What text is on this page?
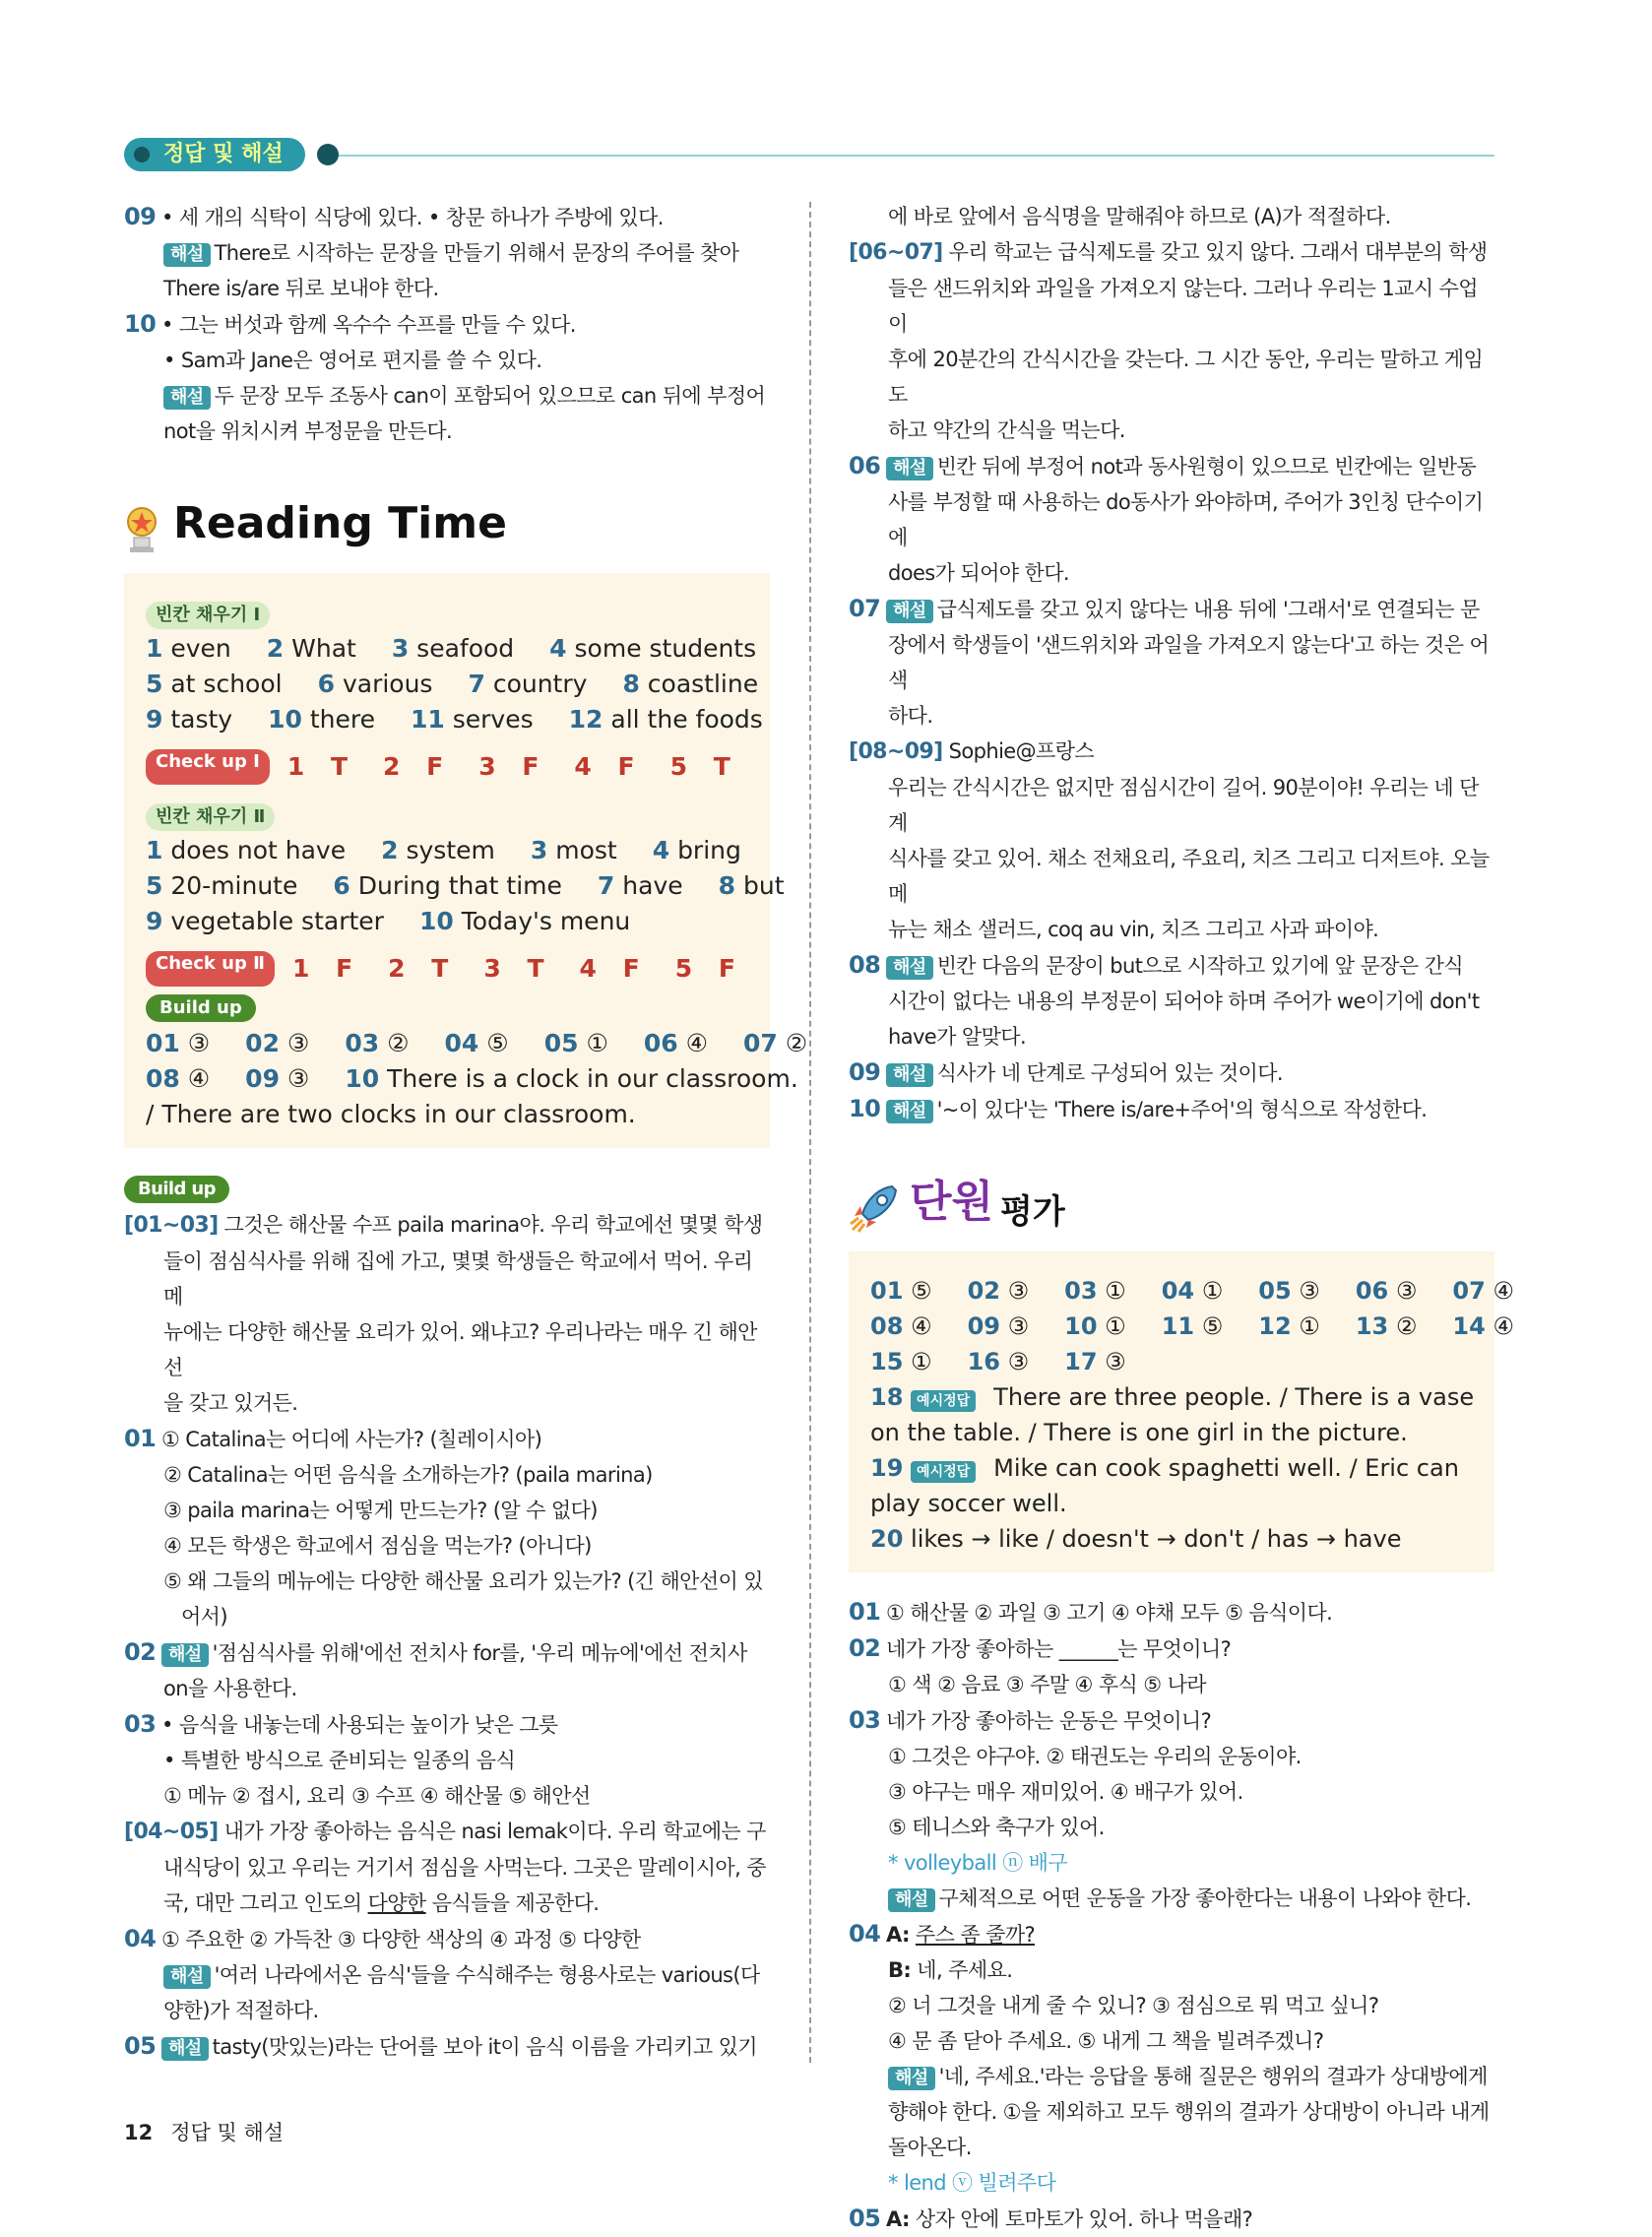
정답 및 해설

09 • 세 개의 식탁이 식당에 있다. • 창문 하나가 주방에 있다.

해설 There로 시작하는 문장을 만들기 위해서 문장의 주어를 찾아

There is/are 뒤로 보내야 한다.

10 • 그는 버섯과 함께 옥수수 수프를 만들 수 있다.

• Sam과 Jane은 영어로 편지를 쓸 수 있다.

해설 두 문장 모두 조동사 can이 포함되어 있으므로 can 뒤에 부정어

not을 위치시켜 부정문을 만든다.

Reading Time
빈칸 채우기 Ⅰ
1 even	2 What	3 seafood	4 some students
5 at school	6 various	7 country	8 coastline
9 tasty	10 there	11 serves	12 all the foods
Check up Ⅰ	1 T	2 F	3 F	4 F	5 T
빈칸 채우기 Ⅱ
1 does not have	2 system	3 most	4 bring
5 20-minute	6 During that time	7 have	8 but
9 vegetable starter	10 Today's menu
Check up Ⅱ	1 F	2 T	3 T	4 F	5 F
Build up
01 ③	02 ③	03 ②	04 ⑤	05 ①	06 ④	07 ②
08 ④	09 ③	10 There is a clock in our classroom.
/ There are two clocks in our classroom.
Build up

[01~03] 그것은 해산물 수프 paila marina야. 우리 학교에선 몇몇 학생

들이 점심식사를 위해 집에 가고, 몇몇 학생들은 학교에서 먹어. 우리 메

뉴에는 다양한 해산물 요리가 있어. 왜냐고? 우리나라는 매우 긴 해안선

을 갖고 있거든.

01 ① Catalina는 어디에 사는가? (칠레이시아)

② Catalina는 어떤 음식을 소개하는가? (paila marina)

③ paila marina는 어떻게 만드는가? (알 수 없다)

④ 모든 학생은 학교에서 점심을 먹는가? (아니다)

⑤ 왜 그들의 메뉴에는 다양한 해산물 요리가 있는가? (긴 해안선이 있

어서)

02 해설 '점심식사를 위해'에선 전치사 for를, '우리 메뉴에'에선 전치사

on을 사용한다.

03 • 음식을 내놓는데 사용되는 높이가 낮은 그릇

• 특별한 방식으로 준비되는 일종의 음식

① 메뉴 ② 접시, 요리 ③ 수프 ④ 해산물 ⑤ 해안선

[04~05] 내가 가장 좋아하는 음식은 nasi lemak이다. 우리 학교에는 구

내식당이 있고 우리는 거기서 점심을 사먹는다. 그곳은 말레이시아, 중

국, 대만 그리고 인도의 다양한 음식들을 제공한다.

04 ① 주요한 ② 가득찬 ③ 다양한 색상의 ④ 과정 ⑤ 다양한

해설 '여러 나라에서온 음식'들을 수식해주는 형용사로는 various(다

양한)가 적절하다.

05 해설 tasty(맛있는)라는 단어를 보아 it이 음식 이름을 가리키고 있기

에 바로 앞에서 음식명을 말해줘야 하므로 (A)가 적절하다.

[06~07] 우리 학교는 급식제도를 갖고 있지 않다. 그래서 대부분의 학생

들은 샌드위치와 과일을 가져오지 않는다. 그러나 우리는 1교시 수업 이

후에 20분간의 간식시간을 갖는다. 그 시간 동안, 우리는 말하고 게임도

하고 약간의 간식을 먹는다.

06 해설 빈칸 뒤에 부정어 not과 동사원형이 있으므로 빈칸에는 일반동

사를 부정할 때 사용하는 do동사가 와야하며, 주어가 3인칭 단수이기에

does가 되어야 한다.

07 해설 급식제도를 갖고 있지 않다는 내용 뒤에 '그래서'로 연결되는 문

장에서 학생들이 '샌드위치와 과일을 가져오지 않는다'고 하는 것은 어색

하다.

[08~09] Sophie@프랑스

우리는 간식시간은 없지만 점심시간이 길어. 90분이야! 우리는 네 단계

식사를 갖고 있어. 채소 전채요리, 주요리, 치즈 그리고 디저트야. 오늘 메

뉴는 채소 샐러드, coq au vin, 치즈 그리고 사과 파이야.

08 해설 빈칸 다음의 문장이 but으로 시작하고 있기에 앞 문장은 간식

시간이 없다는 내용의 부정문이 되어야 하며 주어가 we이기에 don't

have가 알맞다.

09 해설 식사가 네 단계로 구성되어 있는 것이다.

10 해설 '~이 있다'는 'There is/are+주어'의 형식으로 작성한다.

단원 평가
01 ⑤	02 ③	03 ①	04 ①	05 ③	06 ③	07 ④
08 ④	09 ③	10 ①	11 ⑤	12 ①	13 ②	14 ④
15 ①	16 ③	17 ③
18 예시정답 There are three people. / There is a vase
on the table. / There is one girl in the picture.
19 예시정답 Mike can cook spaghetti well. / Eric can
play soccer well.
20 likes → like / doesn't → don't / has → have

01 ① 해산물 ② 과일 ③ 고기 ④ 야채 모두 ⑤ 음식이다.

02 네가 가장 좋아하는 ______는 무엇이니?

① 색 ② 음료 ③ 주말 ④ 후식 ⑤ 나라

03 네가 가장 좋아하는 운동은 무엇이니?

① 그것은 야구야. ② 태권도는 우리의 운동이야.

③ 야구는 매우 재미있어. ④ 배구가 있어.

⑤ 테니스와 축구가 있어.

* volleyball ⓝ 배구

해설 구체적으로 어떤 운동을 가장 좋아한다는 내용이 나와야 한다.

04 A: 주스 좀 줄까?

B: 네, 주세요.

② 너 그것을 내게 줄 수 있니? ③ 점심으로 뭐 먹고 싶니?

④ 문 좀 닫아 주세요. ⑤ 내게 그 책을 빌려주겠니?

해설 '네, 주세요.'라는 응답을 통해 질문은 행위의 결과가 상대방에게

향해야 한다. ①을 제외하고 모두 행위의 결과가 상대방이 아니라 내게

돌아온다.

* lend ⓥ 빌려주다

05 A: 상자 안에 토마토가 있어. 하나 먹을래?

12 정답 및 해설
